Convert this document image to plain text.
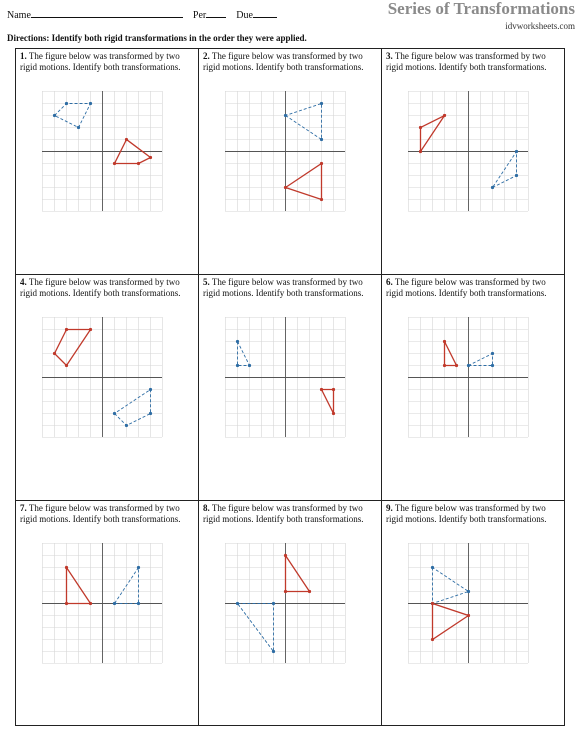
Name	Per	Due	Series of Transformations
idvworksheets.com
Directions: Identify both rigid transformations in the order they were applied.
1. The figure below was transformed by two rigid motions. Identify both transformations.
2. The figure below was transformed by two rigid motions. Identify both transformations.
3. The figure below was transformed by two rigid motions. Identify both transformations.
4. The figure below was transformed by two rigid motions. Identify both transformations.
5. The figure below was transformed by two rigid motions. Identify both transformations.
6. The figure below was transformed by two rigid motions. Identify both transformations.
7. The figure below was transformed by two rigid motions. Identify both transformations.
8. The figure below was transformed by two rigid motions. Identify both transformations.
9. The figure below was transformed by two rigid motions. Identify both transformations.
